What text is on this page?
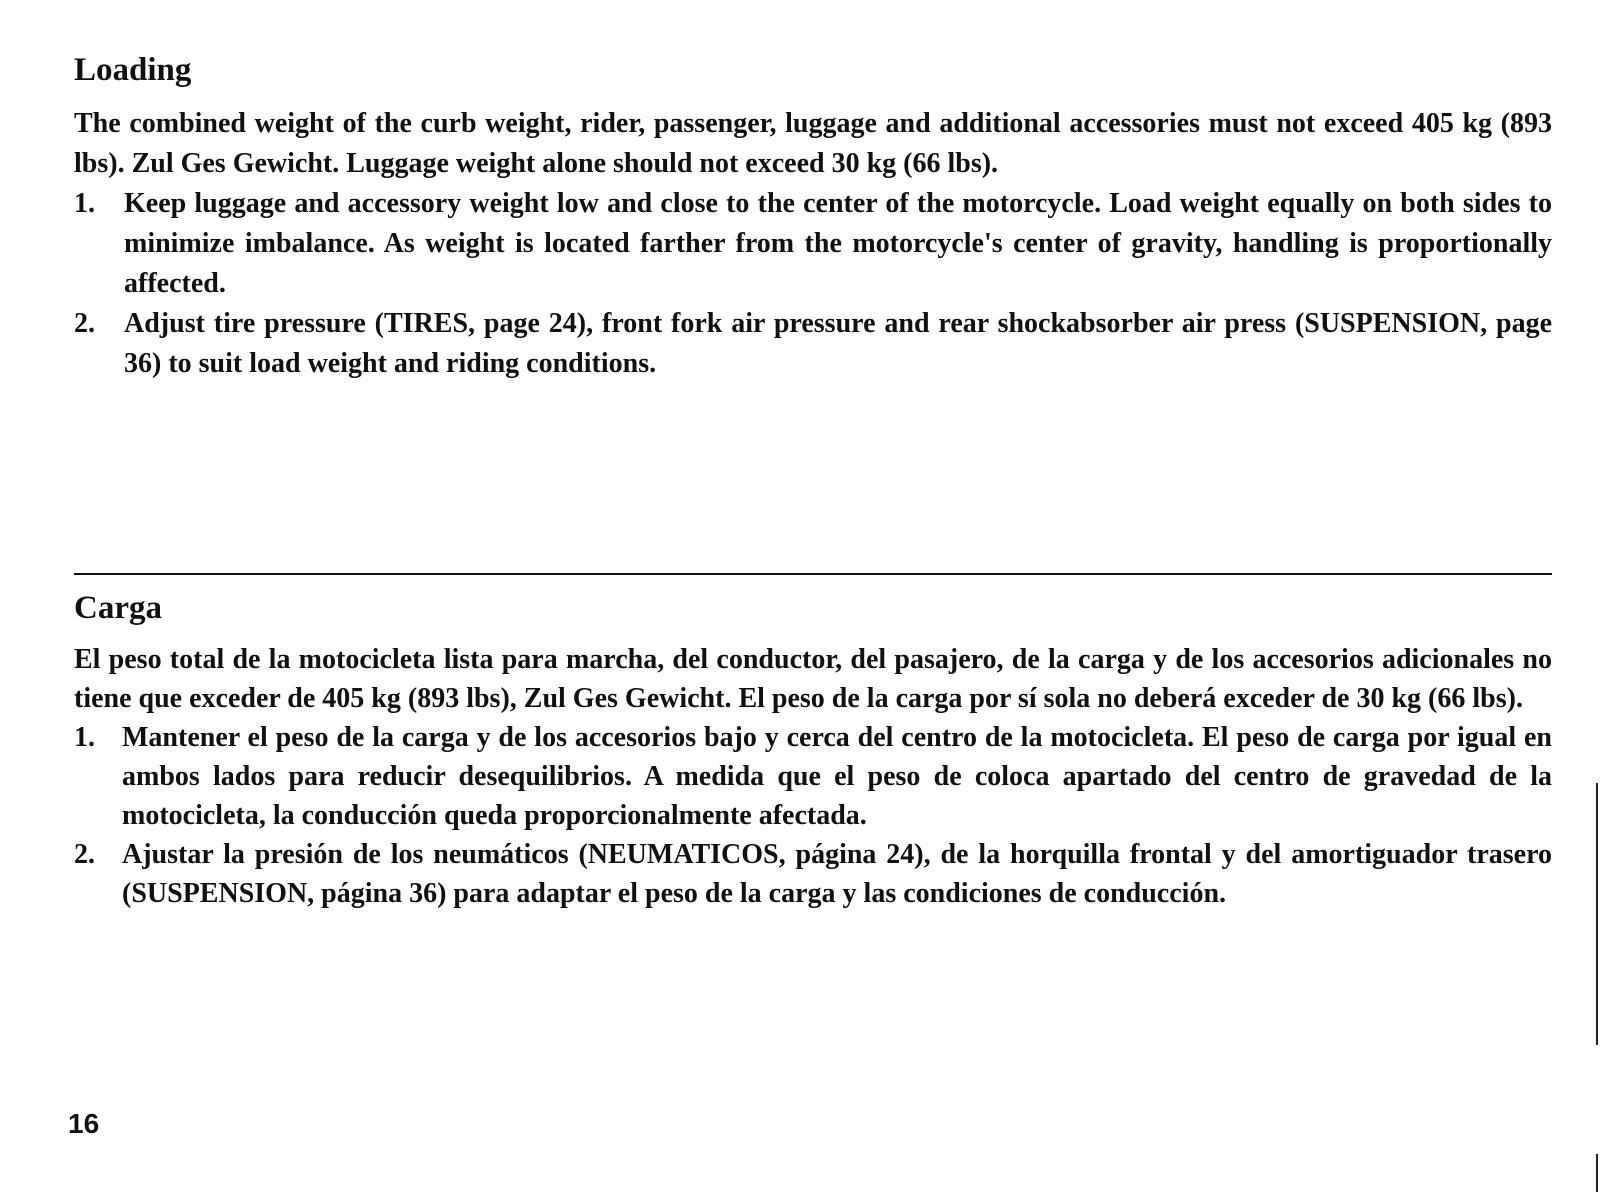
Loading

The combined weight of the curb weight, rider, passenger, luggage and additional accessories must not exceed 405 kg (893 lbs). Zul Ges Gewicht. Luggage weight alone should not exceed 30 kg (66 lbs).

1. Keep luggage and accessory weight low and close to the center of the motorcycle. Load weight equally on both sides to minimize imbalance. As weight is located farther from the motorcycle's center of gravity, handling is proportionally affected.
2. Adjust tire pressure (TIRES, page 24), front fork air pressure and rear shockabsorber air press (SUSPENSION, page 36) to suit load weight and riding conditions.
Carga

El peso total de la motocicleta lista para marcha, del conductor, del pasajero, de la carga y de los accesorios adicionales no tiene que exceder de 405 kg (893 lbs), Zul Ges Gewicht. El peso de la carga por sí sola no deberá exceder de 30 kg (66 lbs).

1. Mantener el peso de la carga y de los accesorios bajo y cerca del centro de la motocicleta. El peso de carga por igual en ambos lados para reducir desequilibrios. A medida que el peso de coloca apartado del centro de gravedad de la motocicleta, la conducción queda proporcionalmente afectada.
2. Ajustar la presión de los neumáticos (NEUMATICOS, página 24), de la horquilla frontal y del amortiguador trasero (SUSPENSION, página 36) para adaptar el peso de la carga y las condiciones de conducción.
16
